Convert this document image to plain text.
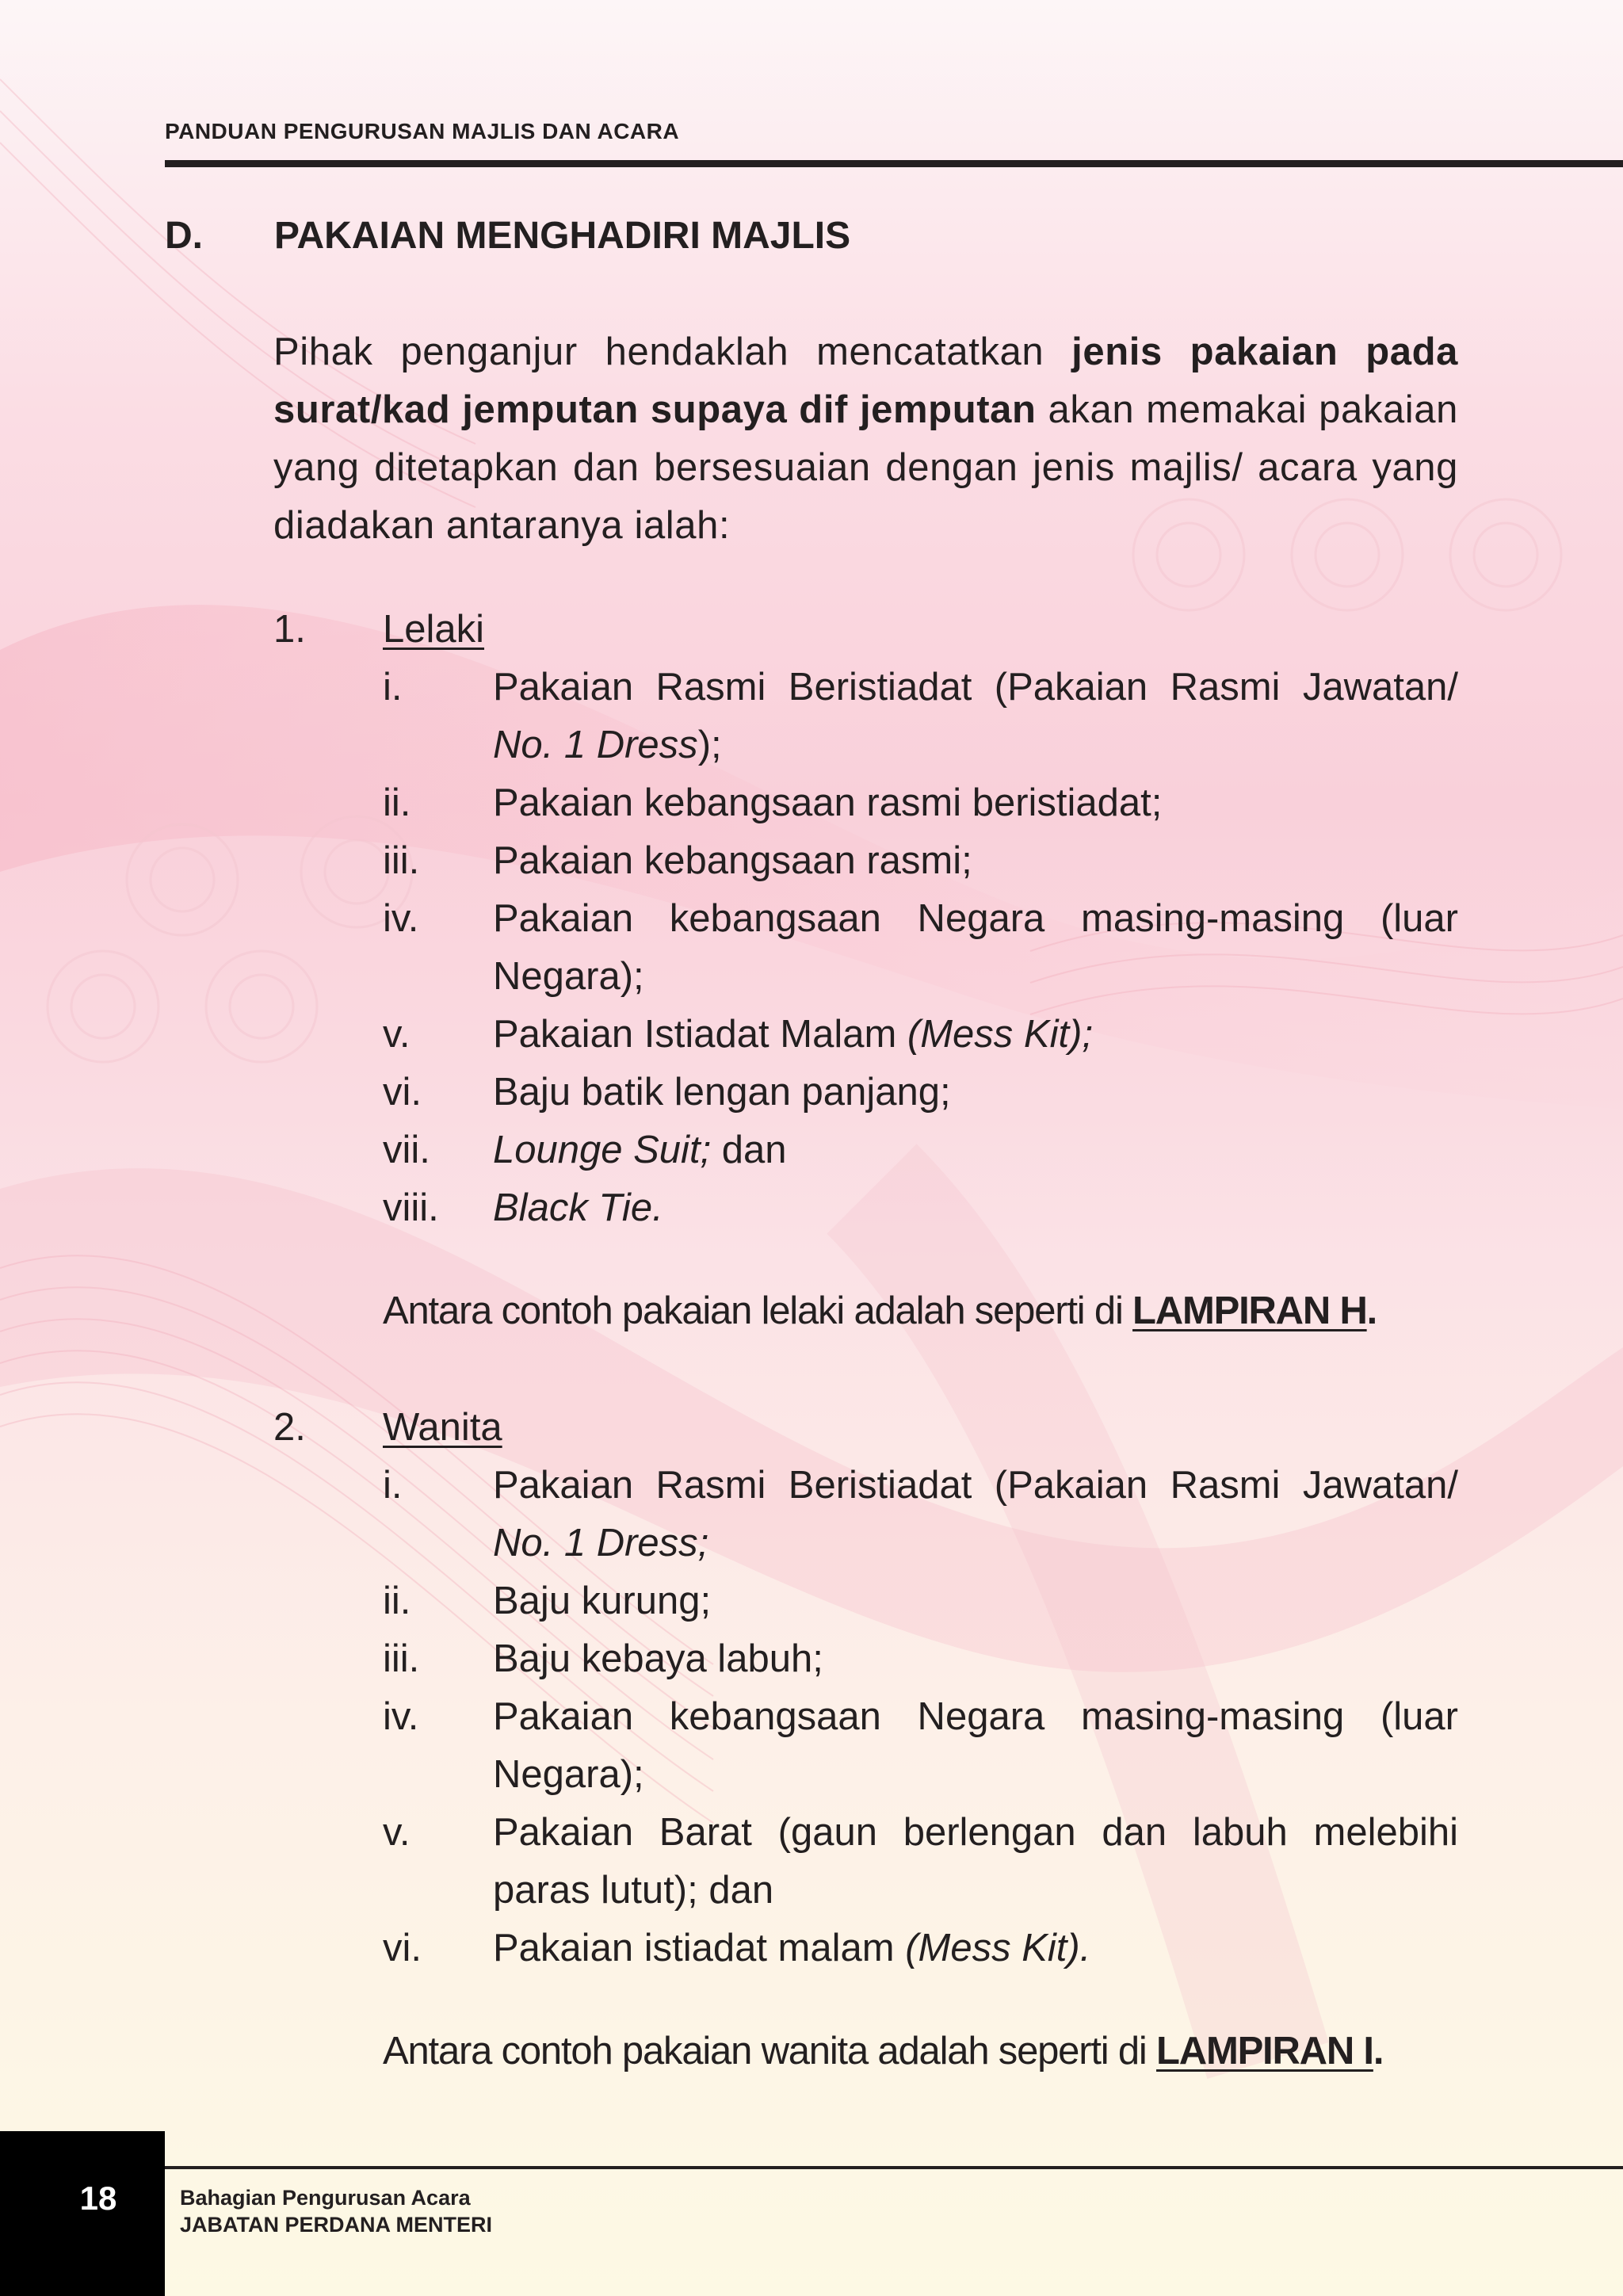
PANDUAN PENGURUSAN MAJLIS DAN ACARA
D. PAKAIAN MENGHADIRI MAJLIS
Pihak penganjur hendaklah mencatatkan jenis pakaian pada surat/kad jemputan supaya dif jemputan akan memakai pakaian yang ditetapkan dan bersesuaian dengan jenis majlis/ acara yang diadakan antaranya ialah:
1. Lelaki
i. Pakaian Rasmi Beristiadat (Pakaian Rasmi Jawatan/
No. 1 Dress);
ii. Pakaian kebangsaan rasmi beristiadat;
iii. Pakaian kebangsaan rasmi;
iv. Pakaian kebangsaan Negara masing-masing (luar
Negara);
v. Pakaian Istiadat Malam (Mess Kit);
vi. Baju batik lengan panjang;
vii. Lounge Suit; dan
viii. Black Tie.
Antara contoh pakaian lelaki adalah seperti di LAMPIRAN H.
2. Wanita
i. Pakaian Rasmi Beristiadat (Pakaian Rasmi Jawatan/
No. 1 Dress;
ii. Baju kurung;
iii. Baju kebaya labuh;
iv. Pakaian kebangsaan Negara masing-masing (luar
Negara);
v. Pakaian Barat (gaun berlengan dan labuh melebihi
paras lutut); dan
vi. Pakaian istiadat malam (Mess Kit).
Antara contoh pakaian wanita adalah seperti di LAMPIRAN I.
18	Bahagian Pengurusan Acara
JABATAN PERDANA MENTERI
